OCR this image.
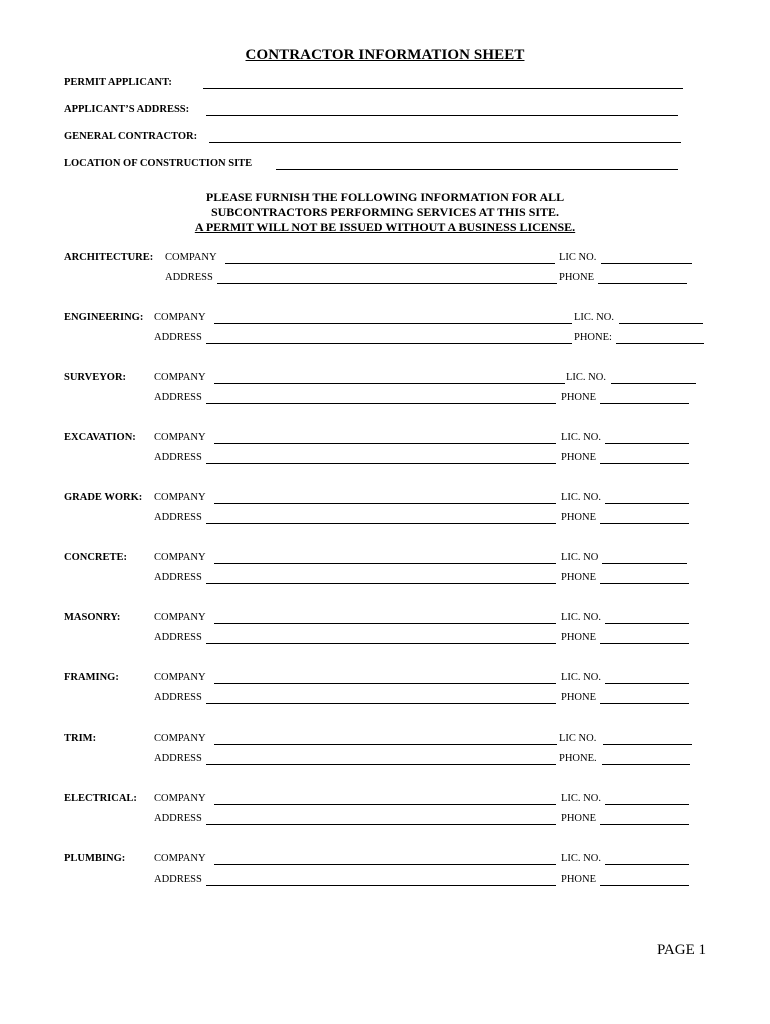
CONTRACTOR INFORMATION SHEET
PERMIT APPLICANT:
APPLICANT’S ADDRESS:
GENERAL CONTRACTOR:
LOCATION OF CONSTRUCTION SITE
PLEASE FURNISH THE FOLLOWING INFORMATION FOR ALL
SUBCONTRACTORS PERFORMING SERVICES AT THIS SITE.
A PERMIT WILL NOT BE ISSUED WITHOUT A BUSINESS LICENSE.
ARCHITECTURE: COMPANY	LIC NO.
ADDRESS	PHONE
ENGINEERING: COMPANY	LIC. NO.
ADDRESS	PHONE:
SURVEYOR:	COMPANY	LIC. NO.
ADDRESS	PHONE
EXCAVATION: COMPANY	LIC. NO.
ADDRESS	PHONE
GRADE WORK: COMPANY	LIC. NO.
ADDRESS	PHONE
CONCRETE:	COMPANY	LIC. NO
ADDRESS	PHONE
MASONRY:	COMPANY	LIC. NO.
ADDRESS	PHONE
FRAMING:	COMPANY	LIC. NO.
ADDRESS	PHONE
TRIM:	COMPANY	LIC NO.
ADDRESS	PHONE.
ELECTRICAL: COMPANY	LIC. NO.
ADDRESS	PHONE
PLUMBING:	COMPANY	LIC. NO.
ADDRESS	PHONE
PAGE 1
